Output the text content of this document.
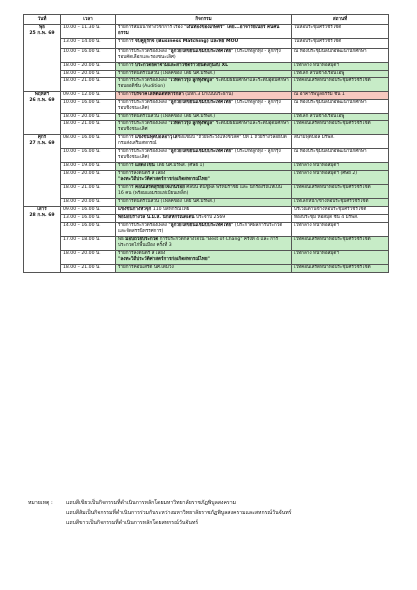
วันที่	เวลา	กิจกรรม	สถานที่
พุธ
25 ก.พ. 69	10.00 – 11.30 น.	รายการสัมมนาทางวิชาการ เรื่อง "เงินทองของเกษตร" โดย...อาจารย์เนียร์ คนคันธรรม	ในหอประชุมศรีวชิรโชติ
	13.00 – 14.00 น.	รายการ จับคู่ธุรกิจ (Business Matching) และพิธี MOU	ในหอประชุมศรีวชิรโชติ
	10.00 – 16.00 น.	รายการประกวดร้องเพลง "ลูกวัยใสขยันแชมป์ประเทศไทย" (ประเภทลูกทุ่ง - ลูกกรุง รอบคัดเลือกและรองชนะเลิศ)	ณ ห้องประชุมนิลปภอพัฒนานักศึกษา
	18.00 – 20.00 น.	รายการ ประกวดธิดาจ้ามและสาวชัดราวยืนดังกุ่นงบ XL	เวทีกลาง หน้าหอสมุดฯ
	18.00 – 20.00 น.	รายการดนตรีในสวน (ไฟล์คของ โดย นศ.มรพส.)	เวทีเล็ก สวนข้างเรือนไอพู
	18.00 – 21.00 น.	รายการประกวดร้องเพลง "เวทีดาวรุ่ง ลูกทุ่งพิบูล" ระดับมัธยมศึกษาและระดับอุดมศึกษา รอบออดิชั่น (Audition)	เวทีคอนเสิร์ตหน้าหอประชุมศรีวชิรโชติ
พฤหัสฯ
26 ก.พ. 69	09.00 – 12.00 น.	รายการบริจาคโลหิตแด่ทหารกล้า (มหก.3 มาเป็นประธาน)	ณ อาคารพิบูลธรรม ชั้น 1
	10.00 – 16.00 น.	รายการประกวดร้องเพลง "ลูกวัยใสขยันแชมป์ประเทศไทย" (ประเภทลูกทุ่ง - ลูกกรุง รอบชิงชนะเลิศ)	ณ ห้องประชุมนิลปภอพัฒนานักศึกษา
	18.00 – 20.00 น.	รายการดนตรีในสวน (ไฟล์คของ โดย นศ.มรพส.)	เวทีเล็ก สวนข้างเรือนไอพู
	18.00 – 21.00 น.	รายการประกวดร้องเพลง "เวทีดาวรุ่ง ลูกทุ่งพิบูล" ระดับมัธยมศึกษาและระดับอุดมศึกษา รอบชิงชนะเลิศ	เวทีคอนเสิร์ตหน้าหอประชุมศรีวชิรโชติ
ศุกร์
27 ก.พ. 69	08.00 – 16.00 น.	รายการ แข่งขันฟุตบอลอาวุโสชิงแชมป์ "ถ้วยพระวังแห่งช่วลัค" ปีที่ 1 ถ้วยรางวัลอธิบดีกรมส่งเสริมสหกรณ์	สนามฟุตบอล มรพส.
	10.00 – 16.00 น.	รายการประกวดร้องเพลง "ลูกวัยใสขยันแชมป์ประเทศไทย" (ประเภทลูกทุ่ง - ลูกกรุง รอบชิงชนะเลิศ)	ณ ห้องประชุมนิลปภอพัฒนานักศึกษา
	18.00 – 19.00 น.	รายการ แสดงโขน โดย นศ.มรพส. (ศิษย์ 1)	เวทีกลาง หน้าหอสมุดฯ
	18.00 – 20.00 น.	รายการลงดนตรี สี่ เลียง
"ลงทะวิถีประวัติศาสตร์การก่อเกิดสหกรณ์ไทย"	เวทีกลาง หน้าหอสมุดฯ (ศิษย์ 2)
	18.00 – 21.00 น.	รายการ คอนเสิร์ตสุริยัยใจเกินร้อย ศิลปิน ต้นชูพล พรหมราชย์ และ นักร้องรถแห่เบ็น 16 คน (พร้อมแอมรถแห่เบียนเหล็ก)	เวทีคอนเสิร์ตหน้าหอประชุมศรีวชิรโชติ
	18.00 – 20.00 น.	รายการดนตรีในสวน (ไฟล์คของ โดย นศ.มรพส.)	เวทีเล็กหน้า/ข้างหอประชุมศรีวชิรโชติ
เสาร์
28 ก.พ. 69	09.00 – 16.00 น.	แข่งขันกางหัวจุก 110 ปีสหกรณ์ไทย	บริเวณด้านข้างหอประชุมศรีวชิรโชติ
	13.00 – 16.00 น.	พิธีมอบรางวัล น.ม.ส. นักสหกรณ์ดีเด่น ประจำปี 2569	ห้องประชุม หอสมุด ชั้น 4 มรพส.
	14.00 – 16.00 น.	รายการประกวดร้องเพลง "ลูกวัยใสขยันแชมป์ประเทศไทย" (ประกาศผลการประกวดและจัดสรรนิทรรศการ)	เวทีกลาง หน้าหอสมุดฯ
	17.00 – 18.00 น.	พิธี มอบถ้วยประกวด การประกวดกลางใจใน "Best of Chang" ครั้งที่ 4 และ การประกวดไก่พื้นเมือง ครั้งที่ 3	เวทีคอนเสิร์ตหน้าหอประชุมศรีวชิรโชติ
	18.00 – 20.00 น.	รายการลงดนตรี สี่ เลียง
"ลงทะวิถีประวัติศาสตร์การก่อเกิดสหกรณ์ไทย"	เวทีกลาง หน้าหอสมุดฯ
	18.00 – 21.00 น.	รายการคอนเสิร์ต นศ.เดิมวง	เวทีคอนเสิร์ตหน้าหอประชุมศรีวชิรโชติ
หมายเหตุ :	แถบสีเขียวเป็นกิจกรรมที่ดำเนินการหลักโดยมหาวิทยาลัยราชภัฏพิบูลสงคราม
แถบสีส้มเป็นกิจกรรมที่ดำเนินการร่วมกันระหว่างมหาวิทยาลัยราชภัฏพิบูลสงครามและสหกรณ์วันจันทร์
แถบสีขาวเป็นกิจกรรมที่ดำเนินการหลักโดยสหกรณ์วันจันทร์
